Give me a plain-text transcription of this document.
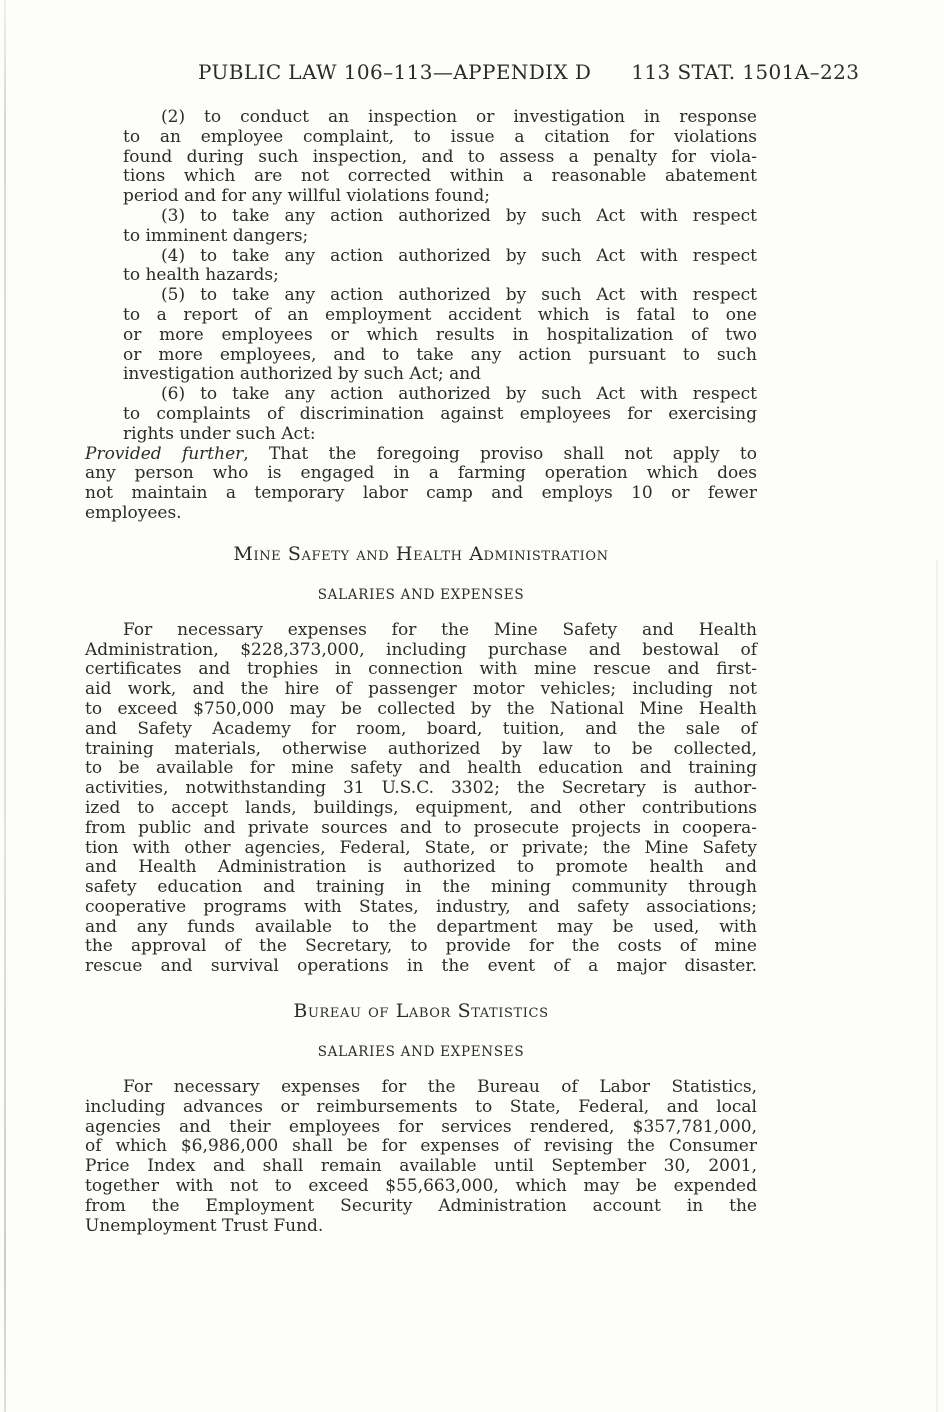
PUBLIC LAW 106–113—APPENDIX D 113 STAT. 1501A–223
(2) to conduct an inspection or investigation in response
to an employee complaint, to issue a citation for violations
found during such inspection, and to assess a penalty for viola-
tions which are not corrected within a reasonable abatement
period and for any willful violations found;
(3) to take any action authorized by such Act with respect
to imminent dangers;
(4) to take any action authorized by such Act with respect
to health hazards;
(5) to take any action authorized by such Act with respect
to a report of an employment accident which is fatal to one
or more employees or which results in hospitalization of two
or more employees, and to take any action pursuant to such
investigation authorized by such Act; and
(6) to take any action authorized by such Act with respect
to complaints of discrimination against employees for exercising
rights under such Act:
Provided further, That the foregoing proviso shall not apply to
any person who is engaged in a farming operation which does
not maintain a temporary labor camp and employs 10 or fewer
employees.
Mine Safety and Health Administration
SALARIES AND EXPENSES
For necessary expenses for the Mine Safety and Health
Administration, $228,373,000, including purchase and bestowal of
certificates and trophies in connection with mine rescue and first-
aid work, and the hire of passenger motor vehicles; including not
to exceed $750,000 may be collected by the National Mine Health
and Safety Academy for room, board, tuition, and the sale of
training materials, otherwise authorized by law to be collected,
to be available for mine safety and health education and training
activities, notwithstanding 31 U.S.C. 3302; the Secretary is author-
ized to accept lands, buildings, equipment, and other contributions
from public and private sources and to prosecute projects in coopera-
tion with other agencies, Federal, State, or private; the Mine Safety
and Health Administration is authorized to promote health and
safety education and training in the mining community through
cooperative programs with States, industry, and safety associations;
and any funds available to the department may be used, with
the approval of the Secretary, to provide for the costs of mine
rescue and survival operations in the event of a major disaster.
Bureau of Labor Statistics
SALARIES AND EXPENSES
For necessary expenses for the Bureau of Labor Statistics,
including advances or reimbursements to State, Federal, and local
agencies and their employees for services rendered, $357,781,000,
of which $6,986,000 shall be for expenses of revising the Consumer
Price Index and shall remain available until September 30, 2001,
together with not to exceed $55,663,000, which may be expended
from the Employment Security Administration account in the
Unemployment Trust Fund.
